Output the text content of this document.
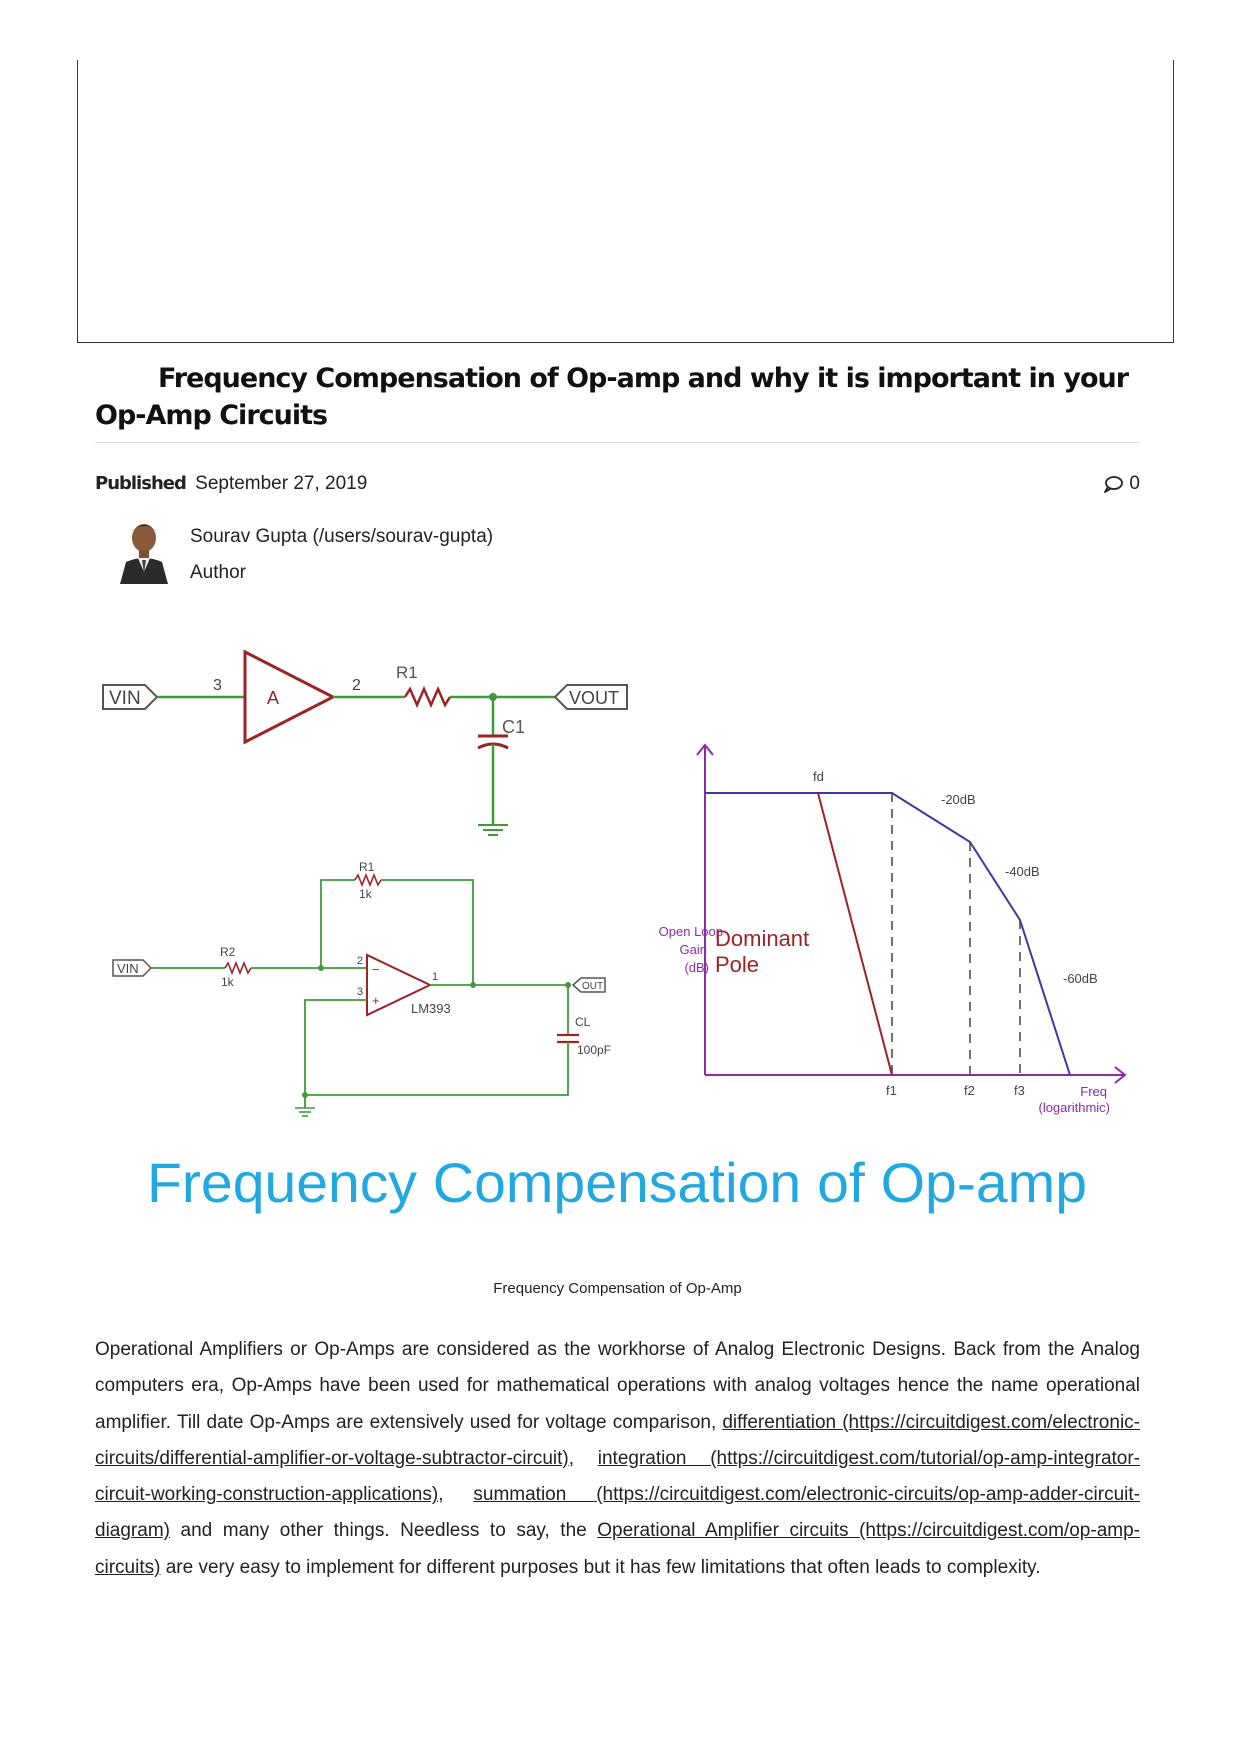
Frequency Compensation of Op-amp and why it is important in your Op-Amp Circuits
Published September 27, 2019	0
Sourav Gupta (/users/sourav-gupta)
Author
VIN
3
A
2
R1
VOUT
C1
VIN
R2
1k
R1
1k
2
3
−
+
LM393
1
OUT
CL
100pF
Open Loop
Gain
(dB)
Dominant
Pole
fd
-20dB
-40dB
-60dB
f1	f2	f3	Freq
(logarithmic)
Frequency Compensation of Op-amp
Frequency Compensation of Op-Amp

Operational Amplifiers or Op-Amps are considered as the workhorse of Analog Electronic Designs. Back from the Analog computers era, Op-Amps have been used for mathematical operations with analog voltages hence the name operational amplifier. Till date Op-Amps are extensively used for voltage comparison, differentiation (https://circuitdigest.com/electronic-circuits/differential-amplifier-or-voltage-subtractor-circuit), integration (https://circuitdigest.com/tutorial/op-amp-integrator-circuit-working-construction-applications), summation (https://circuitdigest.com/electronic-circuits/op-amp-adder-circuit-diagram) and many other things. Needless to say, the Operational Amplifier circuits (https://circuitdigest.com/op-amp-circuits) are very easy to implement for different purposes but it has few limitations that often leads to complexity.
